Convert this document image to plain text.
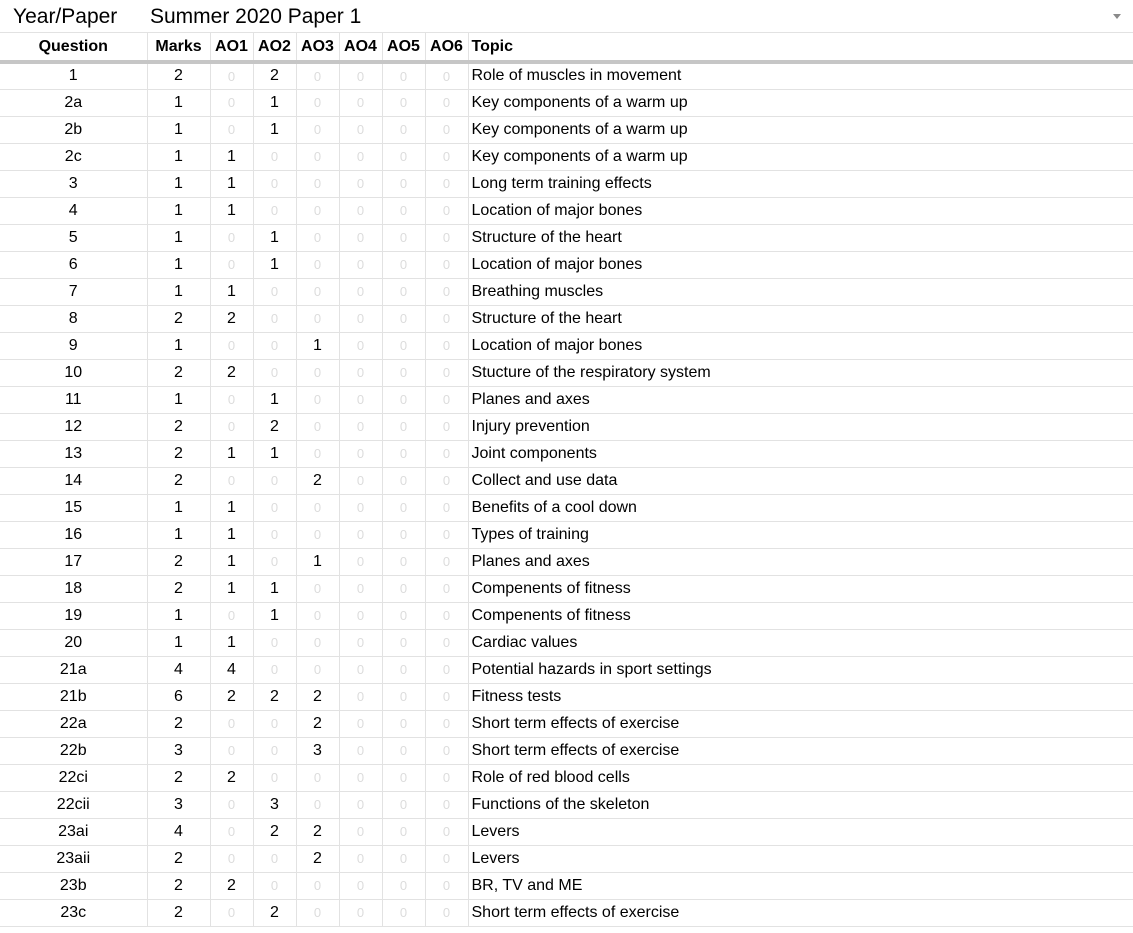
Year/Paper Summer 2020 Paper 1
Question	Marks	AO1	AO2	AO3	AO4	AO5	AO6	Topic
1	2	0	2	0	0	0	0	Role of muscles in movement
2a	1	0	1	0	0	0	0	Key components of a warm up
2b	1	0	1	0	0	0	0	Key components of a warm up
2c	1	1	0	0	0	0	0	Key components of a warm up
3	1	1	0	0	0	0	0	Long term training effects
4	1	1	0	0	0	0	0	Location of major bones
5	1	0	1	0	0	0	0	Structure of the heart
6	1	0	1	0	0	0	0	Location of major bones
7	1	1	0	0	0	0	0	Breathing muscles
8	2	2	0	0	0	0	0	Structure of the heart
9	1	0	0	1	0	0	0	Location of major bones
10	2	2	0	0	0	0	0	Stucture of the respiratory system
11	1	0	1	0	0	0	0	Planes and axes
12	2	0	2	0	0	0	0	Injury prevention
13	2	1	1	0	0	0	0	Joint components
14	2	0	0	2	0	0	0	Collect and use data
15	1	1	0	0	0	0	0	Benefits of a cool down
16	1	1	0	0	0	0	0	Types of training
17	2	1	0	1	0	0	0	Planes and axes
18	2	1	1	0	0	0	0	Compenents of fitness
19	1	0	1	0	0	0	0	Compenents of fitness
20	1	1	0	0	0	0	0	Cardiac values
21a	4	4	0	0	0	0	0	Potential hazards in sport settings
21b	6	2	2	2	0	0	0	Fitness tests
22a	2	0	0	2	0	0	0	Short term effects of exercise
22b	3	0	0	3	0	0	0	Short term effects of exercise
22ci	2	2	0	0	0	0	0	Role of red blood cells
22cii	3	0	3	0	0	0	0	Functions of the skeleton
23ai	4	0	2	2	0	0	0	Levers
23aii	2	0	0	2	0	0	0	Levers
23b	2	2	0	0	0	0	0	BR, TV and ME
23c	2	0	2	0	0	0	0	Short term effects of exercise
